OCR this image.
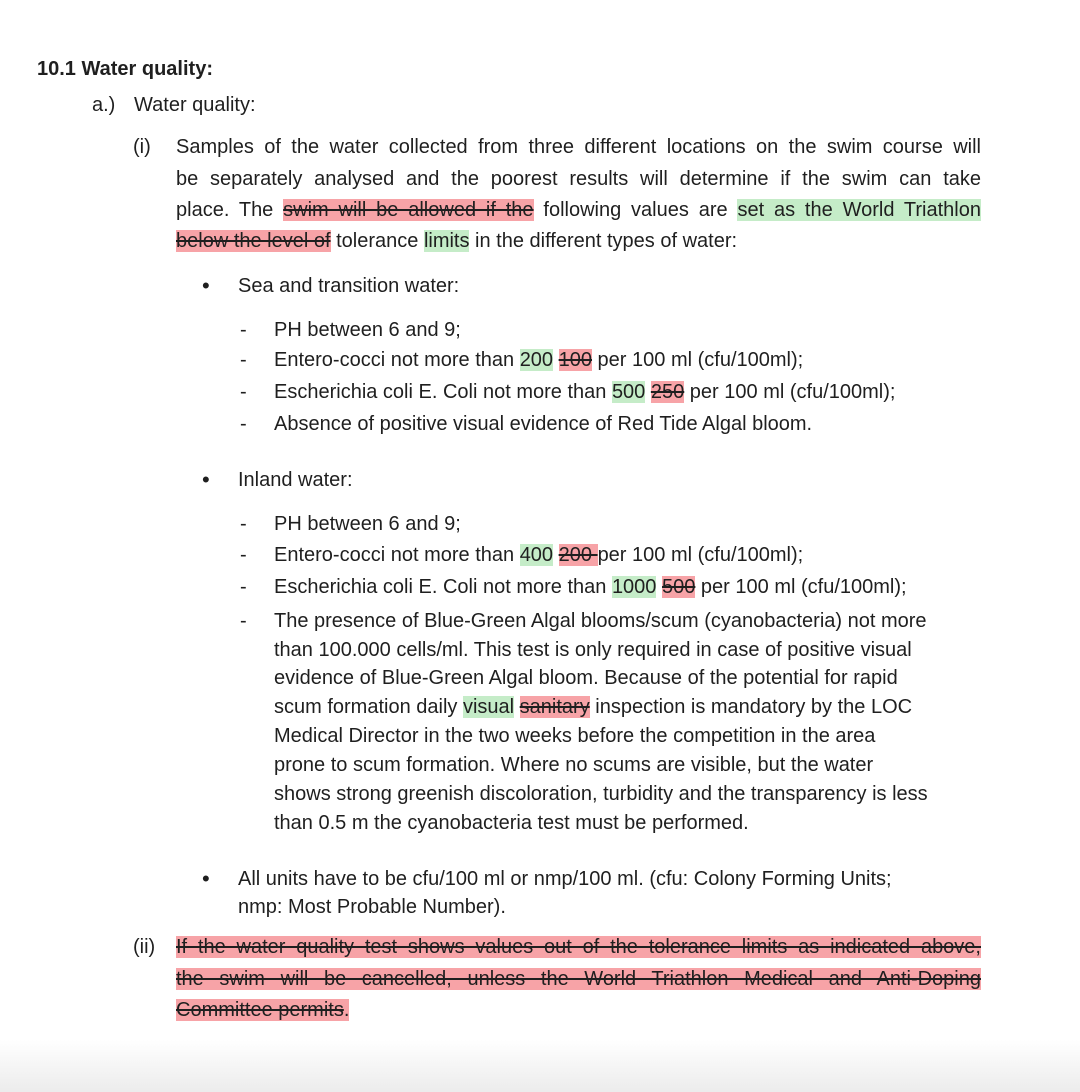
10.1 Water quality:
a.) Water quality:
(i) Samples of the water collected from three different locations on the swim course will
be separately analysed and the poorest results will determine if the swim can take
place. The swim will be allowed if the following values are set as the World Triathlon
below the level of tolerance limits in the different types of water:
• Sea and transition water:
- PH between 6 and 9;
- Entero-cocci not more than 200 100 per 100 ml (cfu/100ml);
- Escherichia coli E. Coli not more than 500 250 per 100 ml (cfu/100ml);
- Absence of positive visual evidence of Red Tide Algal bloom.
• Inland water:
- PH between 6 and 9;
- Entero-cocci not more than 400 200 per 100 ml (cfu/100ml);
- Escherichia coli E. Coli not more than 1000 500 per 100 ml (cfu/100ml);
- The presence of Blue-Green Algal blooms/scum (cyanobacteria) not more
than 100.000 cells/ml. This test is only required in case of positive visual
evidence of Blue-Green Algal bloom. Because of the potential for rapid
scum formation daily visual sanitary inspection is mandatory by the LOC
Medical Director in the two weeks before the competition in the area
prone to scum formation. Where no scums are visible, but the water
shows strong greenish discoloration, turbidity and the transparency is less
than 0.5 m the cyanobacteria test must be performed.
• All units have to be cfu/100 ml or nmp/100 ml. (cfu: Colony Forming Units;
nmp: Most Probable Number).
(ii) If the water quality test shows values out of the tolerance limits as indicated above,
the swim will be cancelled, unless the World Triathlon Medical and Anti-Doping
Committee permits.
